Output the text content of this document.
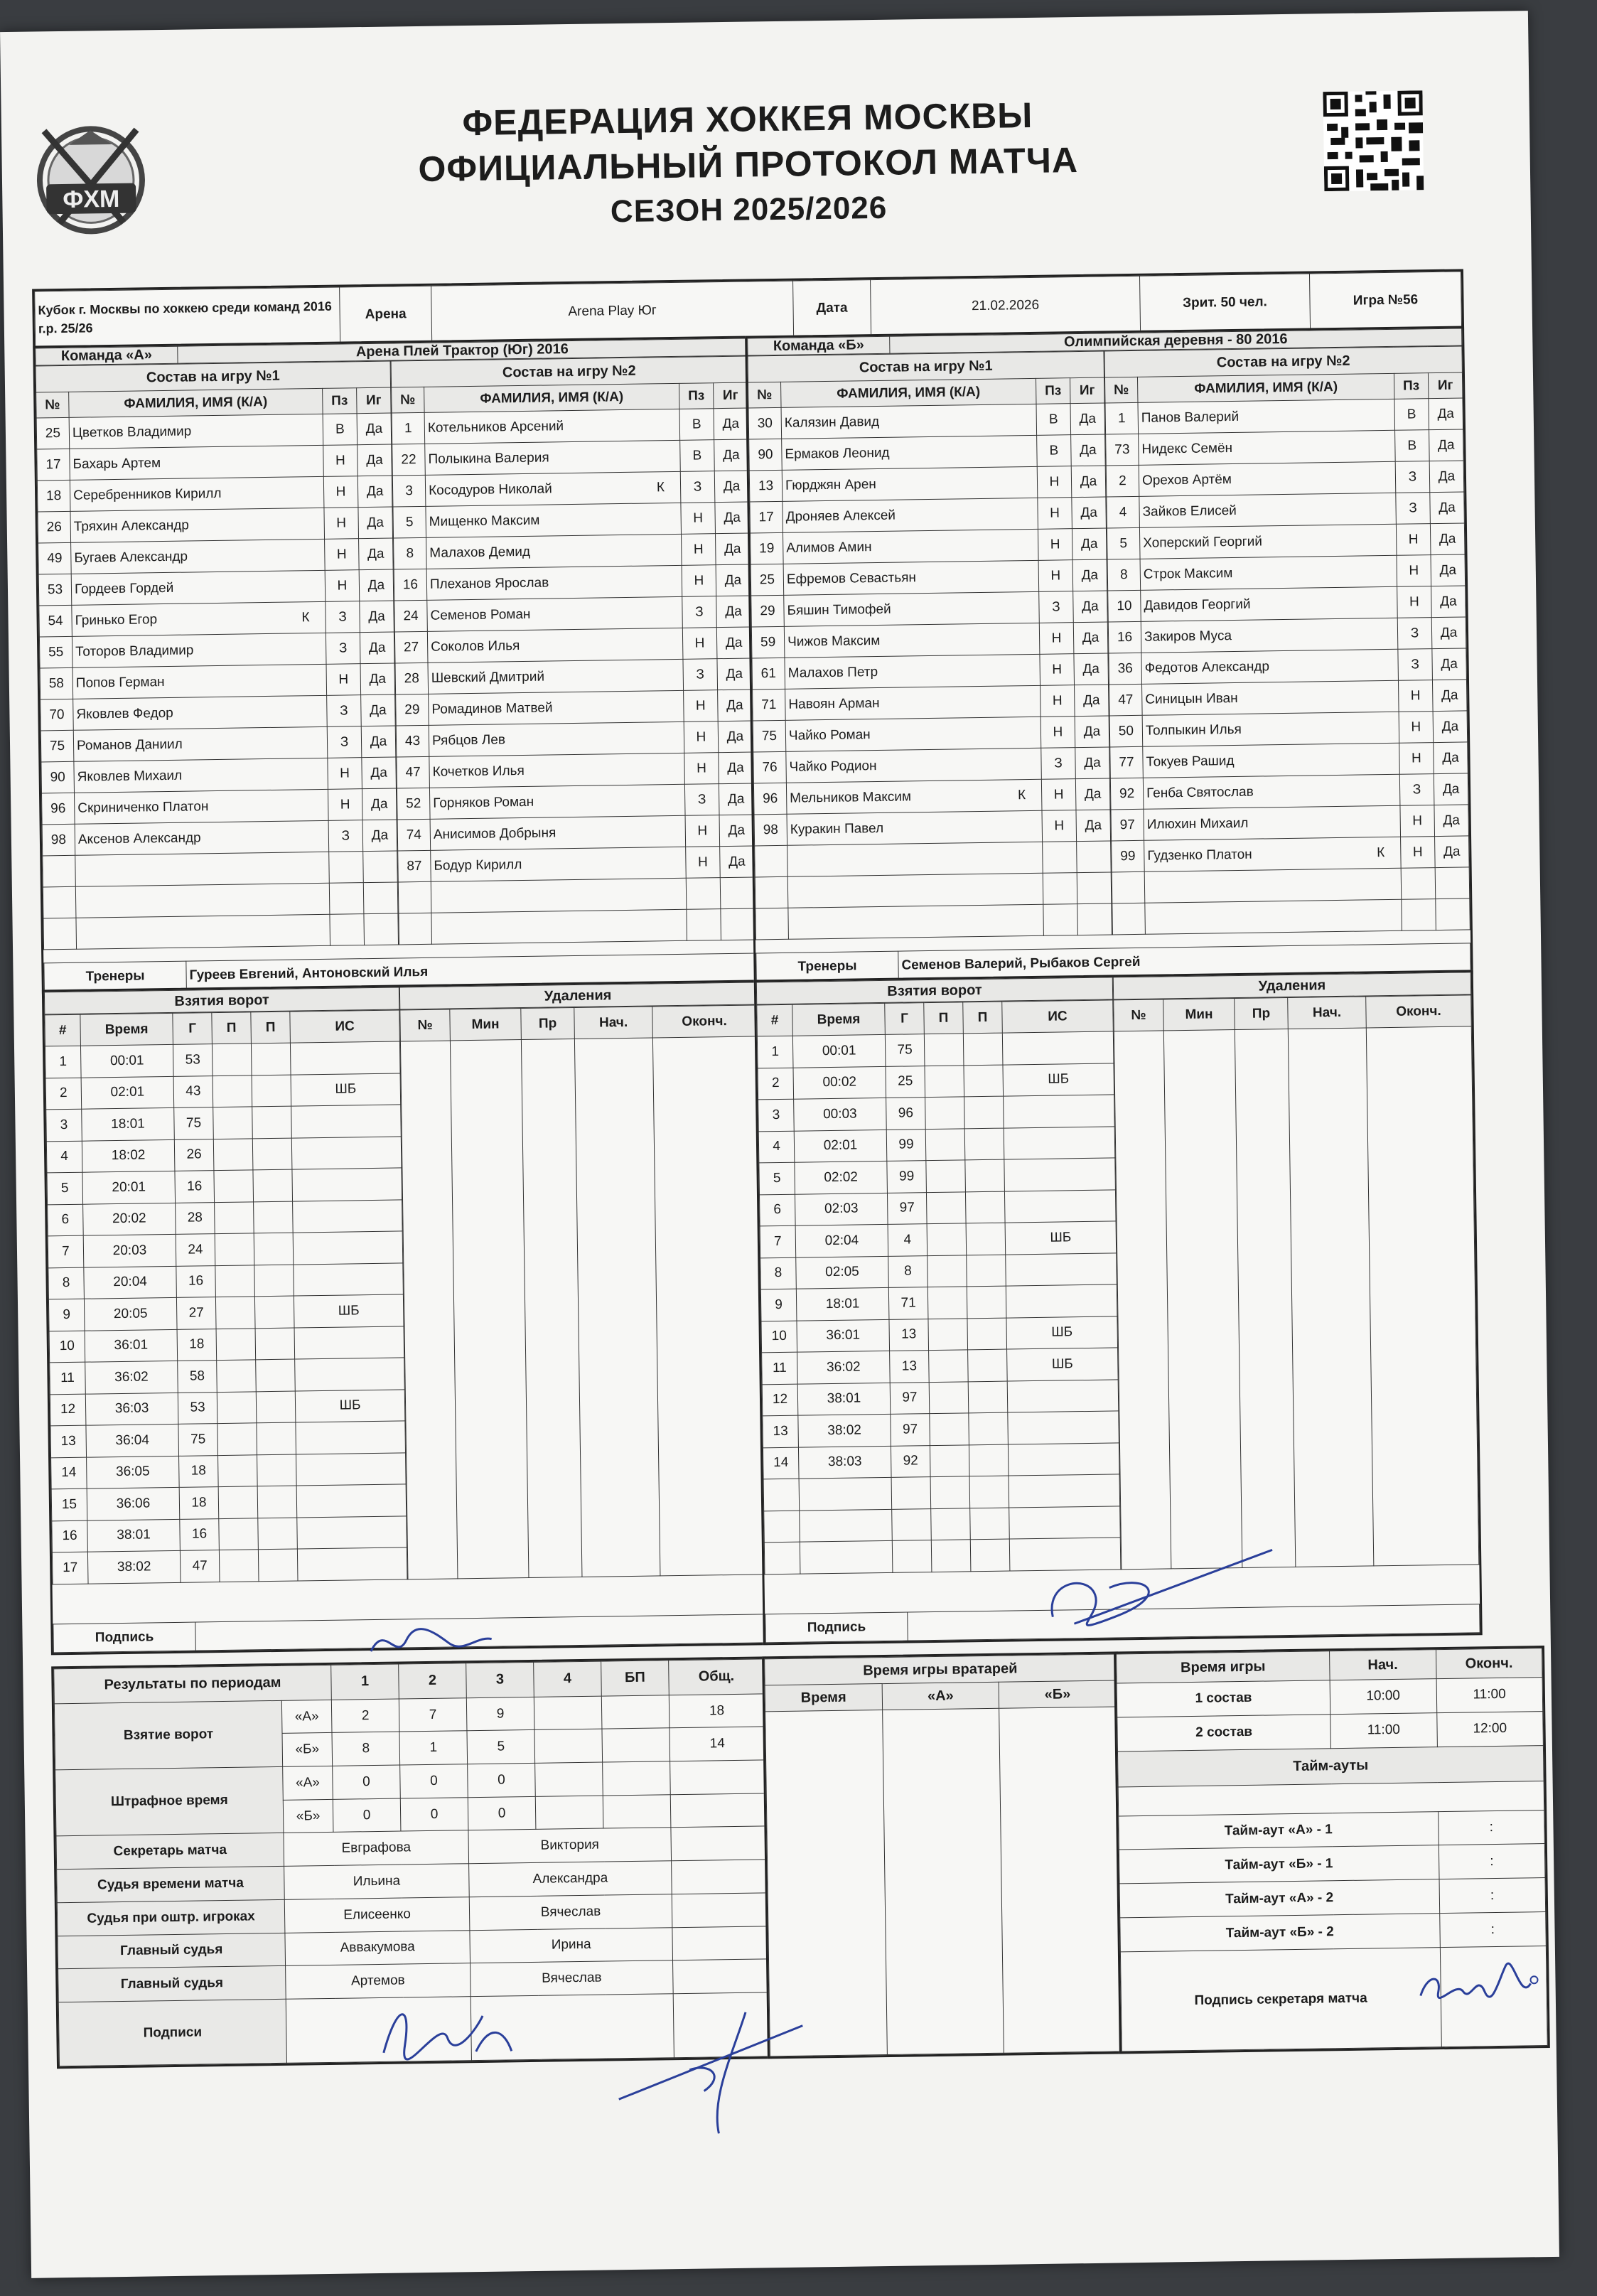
ФХМ
ФЕДЕРАЦИЯ ХОККЕЯ МОСКВЫ
ОФИЦИАЛЬНЫЙ ПРОТОКОЛ МАТЧА
СЕЗОН 2025/2026
Кубок г. Москвы по хоккею среди команд 2016 г.р. 25/26	Арена	Arena Play Юг	Дата	21.02.2026	Зрит. 50 чел.	Игра №56
Команда «А»	Арена Плей Трактор (Юг) 2016
Состав на игру №1			
№	ФАМИЛИЯ, ИМЯ (К/А)	Пз	Иг
25	Цветков Владимир	В	Да
17	Бахарь Артем	Н	Да
18	Серебренников Кирилл	Н	Да
26	Тряхин Александр	Н	Да
49	Бугаев Александр	Н	Да
53	Гордеев Гордей	Н	Да
54	Гринько Егор К	З	Да
55	Тоторов Владимир	З	Да
58	Попов Герман	Н	Да
70	Яковлев Федор	З	Да
75	Романов Даниил	З	Да
90	Яковлев Михаил	Н	Да
96	Скриниченко Платон	Н	Да
98	Аксенов Александр	З	Да

Состав на игру №2			
№	ФАМИЛИЯ, ИМЯ (К/А)	Пз	Иг
1	Котельников Арсений	В	Да
22	Полыкина Валерия	В	Да
3	Косодуров Николай К	З	Да
5	Мищенко Максим	Н	Да
8	Малахов Демид	Н	Да
16	Плеханов Ярослав	Н	Да
24	Семенов Роман	З	Да
27	Соколов Илья	Н	Да
28	Шевский Дмитрий	З	Да
29	Ромадинов Матвей	Н	Да
43	Рябцов Лев	Н	Да
47	Кочетков Илья	Н	Да
52	Горняков Роман	З	Да
74	Анисимов Добрыня	Н	Да
87	Бодур Кирилл	Н	Да

Тренеры	Гуреев Евгений, Антоновский Илья
Команда «Б»	Олимпийская деревня - 80 2016
Состав на игру №1			
№	ФАМИЛИЯ, ИМЯ (К/А)	Пз	Иг
30	Калязин Давид	В	Да
90	Ермаков Леонид	В	Да
13	Гюрджян Арен	Н	Да
17	Дроняев Алексей	Н	Да
19	Алимов Амин	Н	Да
25	Ефремов Севастьян	Н	Да
29	Бяшин Тимофей	З	Да
59	Чижов Максим	Н	Да
61	Малахов Петр	Н	Да
71	Навоян Арман	Н	Да
75	Чайко Роман	Н	Да
76	Чайко Родион	З	Да
96	Мельников Максим К	Н	Да
98	Куракин Павел	Н	Да

Состав на игру №2			
№	ФАМИЛИЯ, ИМЯ (К/А)	Пз	Иг
1	Панов Валерий	В	Да
73	Нидекс Семён	В	Да
2	Орехов Артём	З	Да
4	Зайков Елисей	З	Да
5	Хоперский Георгий	Н	Да
8	Строк Максим	Н	Да
10	Давидов Георгий	Н	Да
16	Закиров Муса	З	Да
36	Федотов Александр	З	Да
47	Синицын Иван	Н	Да
50	Толпыкин Илья	Н	Да
77	Токуев Рашид	Н	Да
92	Генба Святослав	З	Да
97	Илюхин Михаил	Н	Да
99	Гудзенко Платон К	Н	Да

Тренеры	Семенов Валерий, Рыбаков Сергей
Взятия ворот
#	Время	Г	П	П	ИС
1	00:01	53			
2	02:01	43			ШБ
3	18:01	75			
4	18:02	26			
5	20:01	16			
6	20:02	28			
7	20:03	24			
8	20:04	16			
9	20:05	27			ШБ
10	36:01	18			
11	36:02	58			
12	36:03	53			ШБ
13	36:04	75			
14	36:05	18			
15	36:06	18			
16	38:01	16			
17	38:02	47			
Удаления
№	Мин	Пр	Нач.	Оконч.

Подпись	
Взятия ворот
#	Время	Г	П	П	ИС
1	00:01	75			
2	00:02	25			ШБ
3	00:03	96			
4	02:01	99			
5	02:02	99			
6	02:03	97			
7	02:04	4			ШБ
8	02:05	8			
9	18:01	71			
10	36:01	13			ШБ
11	36:02	13			ШБ
12	38:01	97			
13	38:02	97			
14	38:03	92			

Удаления
№	Мин	Пр	Нач.	Оконч.

Подпись	
Результаты по периодам		1	2	3	4	БП	Общ.
Взятие ворот	«А»	2	7	9			18
	«Б»	8	1	5			14
Штрафное время	«А»	0	0	0			
	«Б»	0	0	0			
Секретарь матча	Евграфова			Виктория			
Судья времени матча	Ильина			Александра			
Судья при оштр. игроках	Елисеенко			Вячеслав			
Главный судья	Аввакумова			Ирина			
Главный судья	Артемов			Вячеслав			
Подписи							
Время игры вратарей		
Время	«А»	«Б»

Время игры	Нач.	Оконч.
1 состав	10:00	11:00
2 состав	11:00	12:00
Тайм-ауты		

Тайм-аут «А» - 1		:
Тайм-аут «Б» - 1		:
Тайм-аут «А» - 2		:
Тайм-аут «Б» - 2		:
Подпись секретаря матча		
